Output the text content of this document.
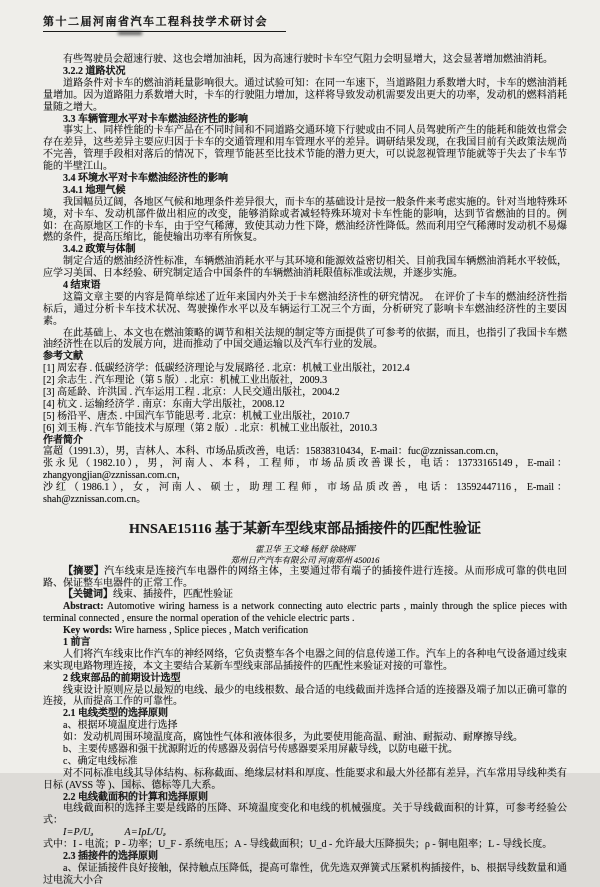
第十二届河南省汽车工程科技学术研讨会

有些驾驶员会超速行驶、这也会增加油耗，因为高速行驶时卡车空气阻力会明显增大，这会显著增加燃油消耗。

3.2.2 道路状况

道路条件对卡车的燃油消耗量影响很大。通过试验可知：在同一车速下，当道路阻力系数增大时，卡车的燃油消耗量增加。因为道路阻力系数增大时，卡车的行驶阻力增加，这样将导致发动机需要发出更大的功率，发动机的燃料消耗量随之增大。

3.3 车辆管理水平对卡车燃油经济性的影响

事实上、同样性能的卡车产品在不同时间和不同道路交通环境下行驶或由不同人员驾驶所产生的能耗和能效也常会存在差异，这些差异主要应归因于卡车的交通管理和用车管理水平的差异。调研结果发现，在我国目前有关政策法规尚不完善，管理手段相对落后的情况下，管理节能甚至比技术节能的潜力更大，可以说忽视管理节能就等于失去了卡车节能的半壁江山。

3.4 环境水平对卡车燃油经济性的影响

3.4.1 地理气候

我国幅员辽阔，各地区气候和地理条件差异很大，而卡车的基础设计是按一般条件来考虑实施的。针对当地特殊环境，对卡车、发动机部件做出相应的改变，能够消除或者减轻特殊环境对卡车性能的影响，达到节省燃油的目的。例如：在高原地区工作的卡车，由于空气稀薄，致使其动力性下降，燃油经济性降低。然而利用空气稀薄时发动机不易爆燃的条件，提高压缩比，能使输出功率有所恢复。

3.4.2 政策与体制

制定合适的燃油经济性标准，车辆燃油消耗水平与其环境和能源效益密切相关、目前我国车辆燃油消耗水平较低，应学习美国、日本经验、研究制定适合中国条件的车辆燃油消耗限值标准或法规，并逐步实施。

4 结束语

这篇文章主要的内容是简单综述了近年来国内外关于卡车燃油经济性的研究情况。　在评价了卡车的燃油经济性指标后，通过分析卡车技术状况、驾驶操作水平以及车辆运行工况三个方面，分析研究了影响卡车燃油经济性的主要因素。

在此基础上、本文也在燃油策略的调节和相关法规的制定等方面提供了可参考的依据，而且，也指引了我国卡车燃油经济性在以后的发展方向，进而推动了中国交通运输以及汽车行业的发展。

参考文献

[1] 周宏春 . 低碳经济学：低碳经济理论与发展路径 . 北京：机械工业出版社，2012.4

[2] 余志生 . 汽车理论（第 5 版）. 北京：机械工业出版社，2009.3

[3] 高延龄、许洪国 . 汽车运用工程 . 北京：人民交通出版社，2004.2

[4] 杭文 . 运输经济学 . 南京：东南大学出版社，2008.12

[5] 杨沿平、唐杰 . 中国汽车节能思考 . 北京：机械工业出版社，2010.7

[6] 刘玉梅 . 汽车节能技术与原理（第 2 版）. 北京：机械工业出版社，2010.3

作者简介

富超（1991.3），男，吉林人、本科、市场品质改善，电话：15838310434，E-mail：fuc@zznissan.com.cn，

张永见（1982.10），男，河南人、本科，工程师，市场品质改善课长，电话：13733165149，E-mail：zhangyongjian@zznissan.com.cn，

沙红（1986.1），女，河南人、硕士，助理工程师，市场品质改善，电话：13592447116，E-mail：shah@zznissan.com.cn。

HNSAE15116 基于某新车型线束部品插接件的匹配性验证

霍卫华 王文峰 杨舒 徐晓晖

郑州日产汽车有限公司 河南郑州 450016

【摘要】汽车线束是连接汽车电器件的网络主体，主要通过带有端子的插接件进行连接。从而形成可靠的供电回路、保证整车电器件的正常工作。

【关键词】线束、插接件，匹配性验证

Abstract: Automotive wiring harness is a network connecting auto electric parts , mainly through the splice pieces with terminal connected , ensure the normal operation of the vehicle electric parts .

Key words: Wire harness , Splice pieces , Match verification

1 前言

人们将汽车线束比作汽车的神经网络，它负责整车各个电器之间的信息传递工作。汽车上的各种电气设备通过线束来实现电路物理连接，本文主要结合某新车型线束部品插接件的匹配性来验证对接的可靠性。

2 线束部品的前期设计选型

线束设计原则应是以最短的电线、最少的电线根数、最合适的电线截面并选择合适的连接器及端子加以正确可靠的连接，从而提高工作的可靠性。

2.1 电线类型的选择原则

a、根据环境温度进行选择

如：发动机周围环境温度高，腐蚀性气体和液体很多，为此要使用能高温、耐油、耐振动、耐摩擦导线。

b、主要传感器和强干扰源附近的传感器及弱信号传感器要采用屏蔽导线，以防电磁干扰。

c、确定电线标准

对不同标准电线其导体结构、标称截面、绝缘层材料和厚度、性能要求和最大外径都有差异，汽车常用导线种类有日标 (AVSS 等 )、国标、德标等几大系。

2.2 电线截面积的计算和选择原则

电线截面积的选择主要是线路的压降、环境温度变化和电线的机械强度。关于导线截面积的计算，可参考经验公式：

I=P/Uₔ　　　A=IρL/Uₔ

式中：I - 电流；P - 功率；U_F - 系统电压；A - 导线截面积；U_d - 允许最大压降损失；ρ - 铜电阻率；L - 导线长度。

2.3 插接件的选择原则

a、保证插接件良好接触，保持触点压降低，提高可靠性，优先选双弹簧式压紧机构插接件，b、根据导线数量和通过电流大小合
